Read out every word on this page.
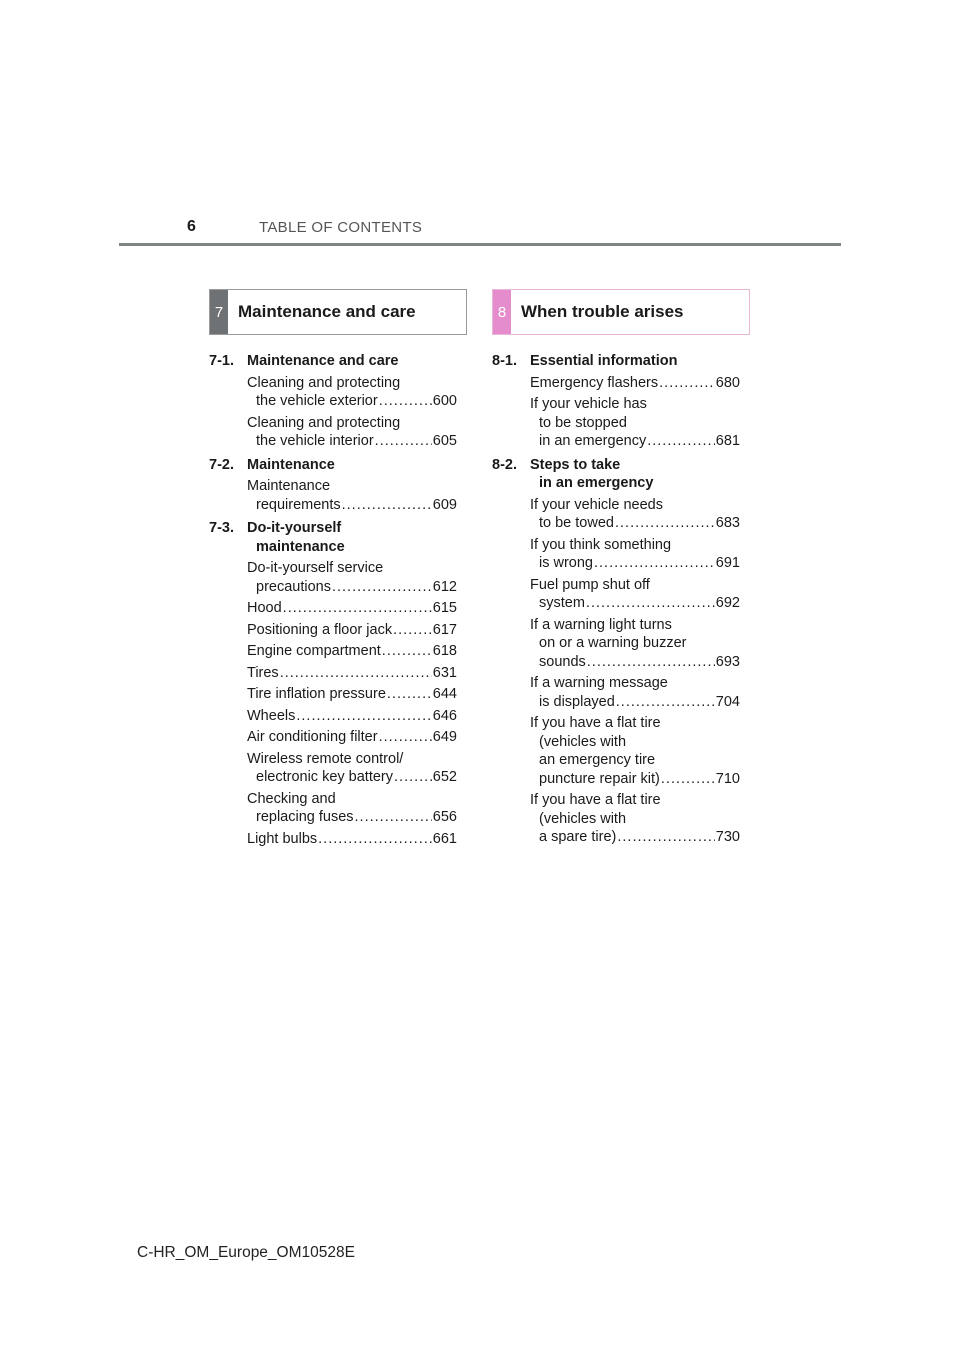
6	TABLE OF CONTENTS
7 Maintenance and care	8 When trouble arises
7-1. Maintenance and care
Cleaning and protecting
the vehicle exterior .....	600
Cleaning and protecting
the vehicle interior .....	605
7-2. Maintenance
Maintenance
requirements .....	609
7-3. Do-it-yourself
maintenance
Do-it-yourself service
precautions .....	612
Hood .....	615
Positioning a floor jack .....	617
Engine compartment .....	618
Tires .....	631
Tire inflation pressure .....	644
Wheels .....	646
Air conditioning filter .....	649
Wireless remote control/
electronic key battery .....	652
Checking and
replacing fuses .....	656
Light bulbs .....	661
8-1. Essential information
Emergency flashers .....	680
If your vehicle has
to be stopped
in an emergency .....	681
8-2. Steps to take
in an emergency
If your vehicle needs
to be towed .....	683
If you think something
is wrong .....	691
Fuel pump shut off
system .....	692
If a warning light turns
on or a warning buzzer
sounds .....	693
If a warning message
is displayed .....	704
If you have a flat tire
(vehicles with
an emergency tire
puncture repair kit) .....	710
If you have a flat tire
(vehicles with
a spare tire) .....	730
C-HR_OM_Europe_OM10528E
